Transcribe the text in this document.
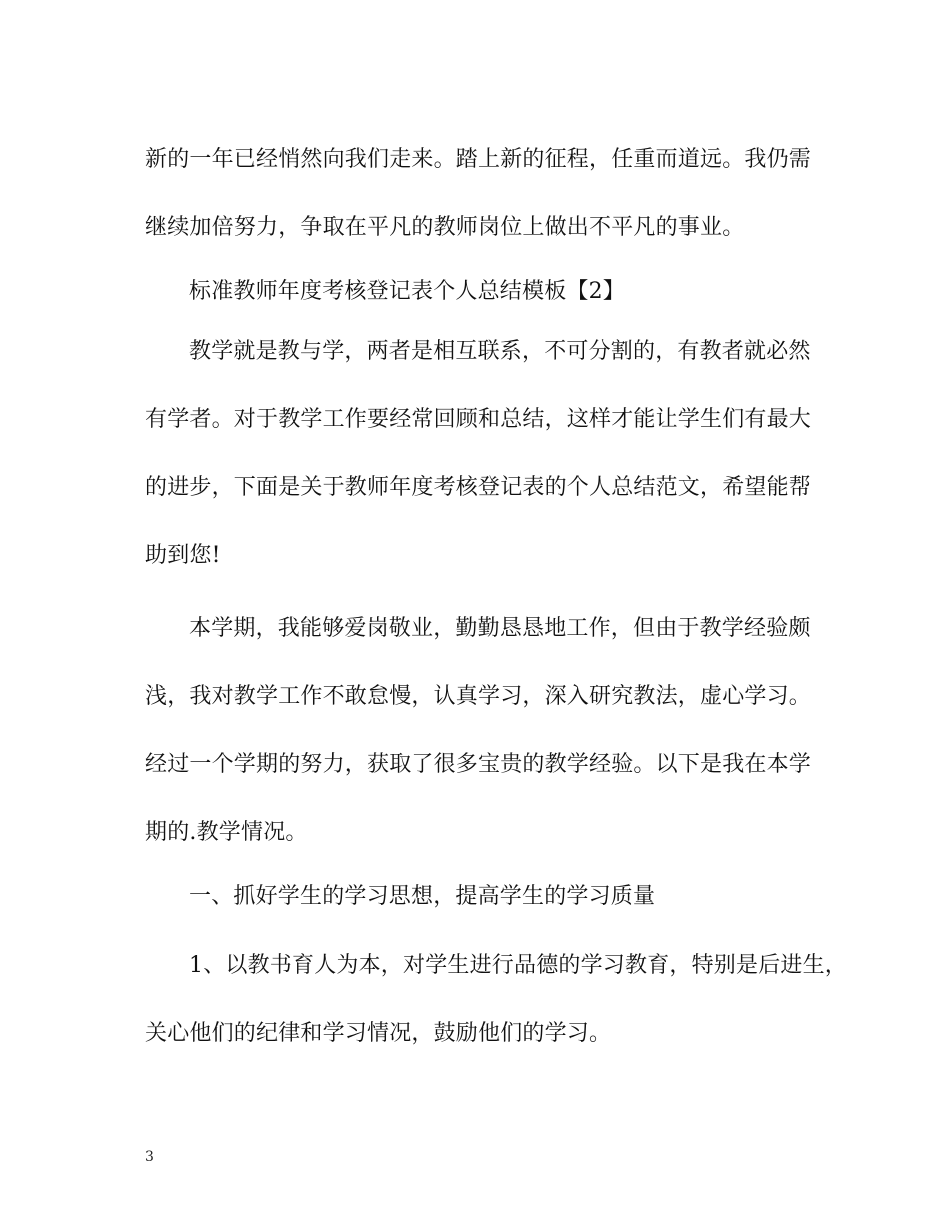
新的一年已经悄然向我们走来。踏上新的征程，任重而道远。我仍需
继续加倍努力，争取在平凡的教师岗位上做出不平凡的事业。
标准教师年度考核登记表个人总结模板【2】
教学就是教与学，两者是相互联系，不可分割的，有教者就必然
有学者。对于教学工作要经常回顾和总结，这样才能让学生们有最大
的进步，下面是关于教师年度考核登记表的个人总结范文，希望能帮
助到您!
本学期，我能够爱岗敬业，勤勤恳恳地工作，但由于教学经验颇
浅，我对教学工作不敢怠慢，认真学习，深入研究教法，虚心学习。
经过一个学期的努力，获取了很多宝贵的教学经验。以下是我在本学
期的.教学情况。
一、抓好学生的学习思想，提高学生的学习质量
1、以教书育人为本，对学生进行品德的学习教育，特别是后进生，
关心他们的纪律和学习情况，鼓励他们的学习。
3
